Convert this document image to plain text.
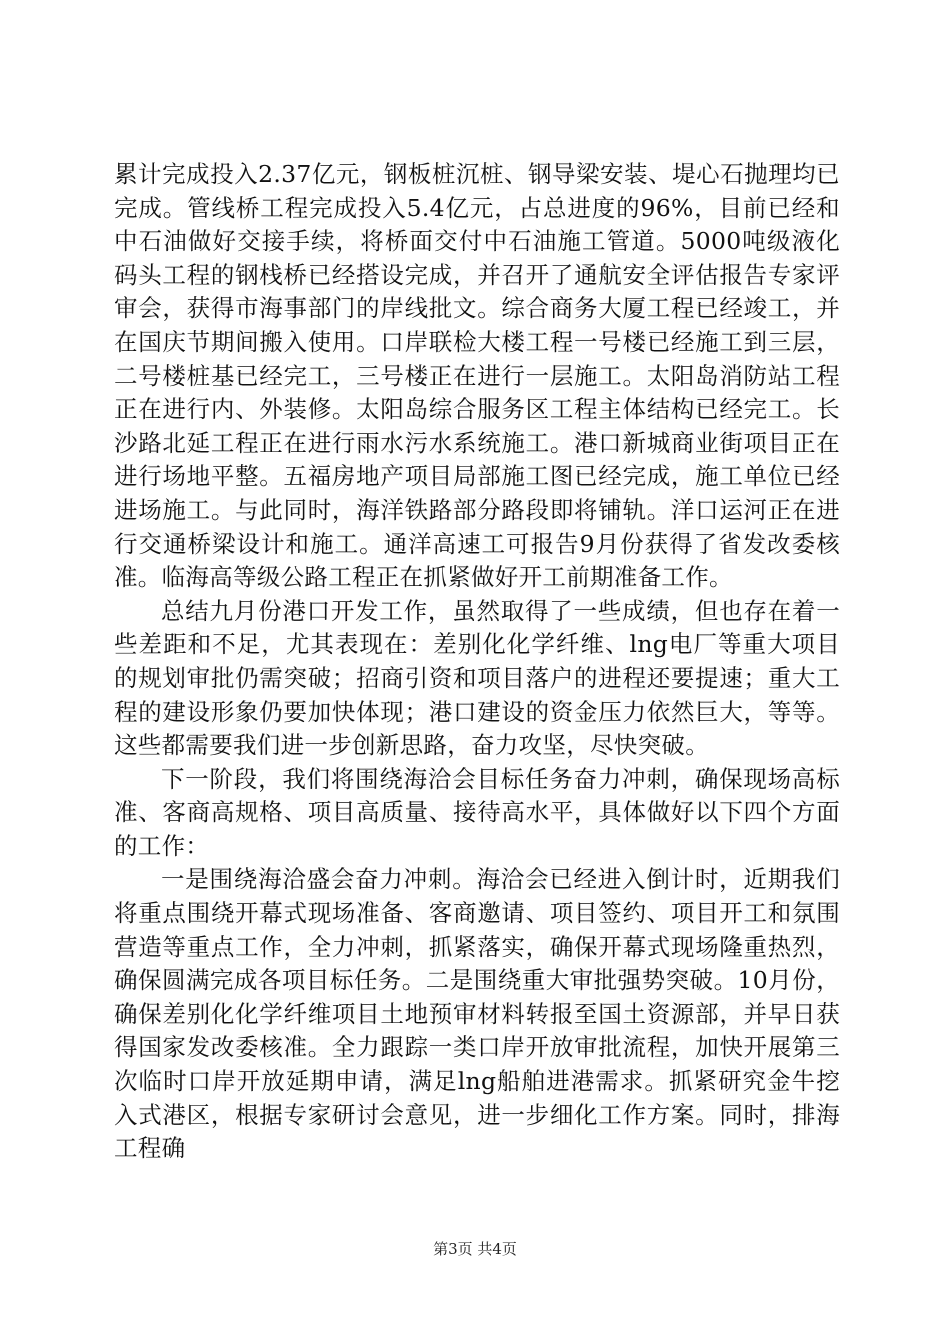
累计完成投入2.37亿元，钢板桩沉桩、钢导梁安装、堤心石抛理均已完成。管线桥工程完成投入5.4亿元，占总进度的96%，目前已经和中石油做好交接手续，将桥面交付中石油施工管道。5000吨级液化码头工程的钢栈桥已经搭设完成，并召开了通航安全评估报告专家评审会，获得市海事部门的岸线批文。综合商务大厦工程已经竣工，并在国庆节期间搬入使用。口岸联检大楼工程一号楼已经施工到三层，二号楼桩基已经完工，三号楼正在进行一层施工。太阳岛消防站工程正在进行内、外装修。太阳岛综合服务区工程主体结构已经完工。长沙路北延工程正在进行雨水污水系统施工。港口新城商业街项目正在进行场地平整。五福房地产项目局部施工图已经完成，施工单位已经进场施工。与此同时，海洋铁路部分路段即将铺轨。洋口运河正在进行交通桥梁设计和施工。通洋高速工可报告9月份获得了省发改委核准。临海高等级公路工程正在抓紧做好开工前期准备工作。

总结九月份港口开发工作，虽然取得了一些成绩，但也存在着一些差距和不足，尤其表现在：差别化化学纤维、lng电厂等重大项目的规划审批仍需突破；招商引资和项目落户的进程还要提速；重大工程的建设形象仍要加快体现；港口建设的资金压力依然巨大，等等。这些都需要我们进一步创新思路，奋力攻坚，尽快突破。

下一阶段，我们将围绕海洽会目标任务奋力冲刺，确保现场高标准、客商高规格、项目高质量、接待高水平，具体做好以下四个方面的工作：

一是围绕海洽盛会奋力冲刺。海洽会已经进入倒计时，近期我们将重点围绕开幕式现场准备、客商邀请、项目签约、项目开工和氛围营造等重点工作，全力冲刺，抓紧落实，确保开幕式现场隆重热烈，确保圆满完成各项目标任务。二是围绕重大审批强势突破。10月份，确保差别化化学纤维项目土地预审材料转报至国土资源部，并早日获得国家发改委核准。全力跟踪一类口岸开放审批流程，加快开展第三次临时口岸开放延期申请，满足lng船舶进港需求。抓紧研究金牛挖入式港区，根据专家研讨会意见，进一步细化工作方案。同时，排海工程确

第3页 共4页
